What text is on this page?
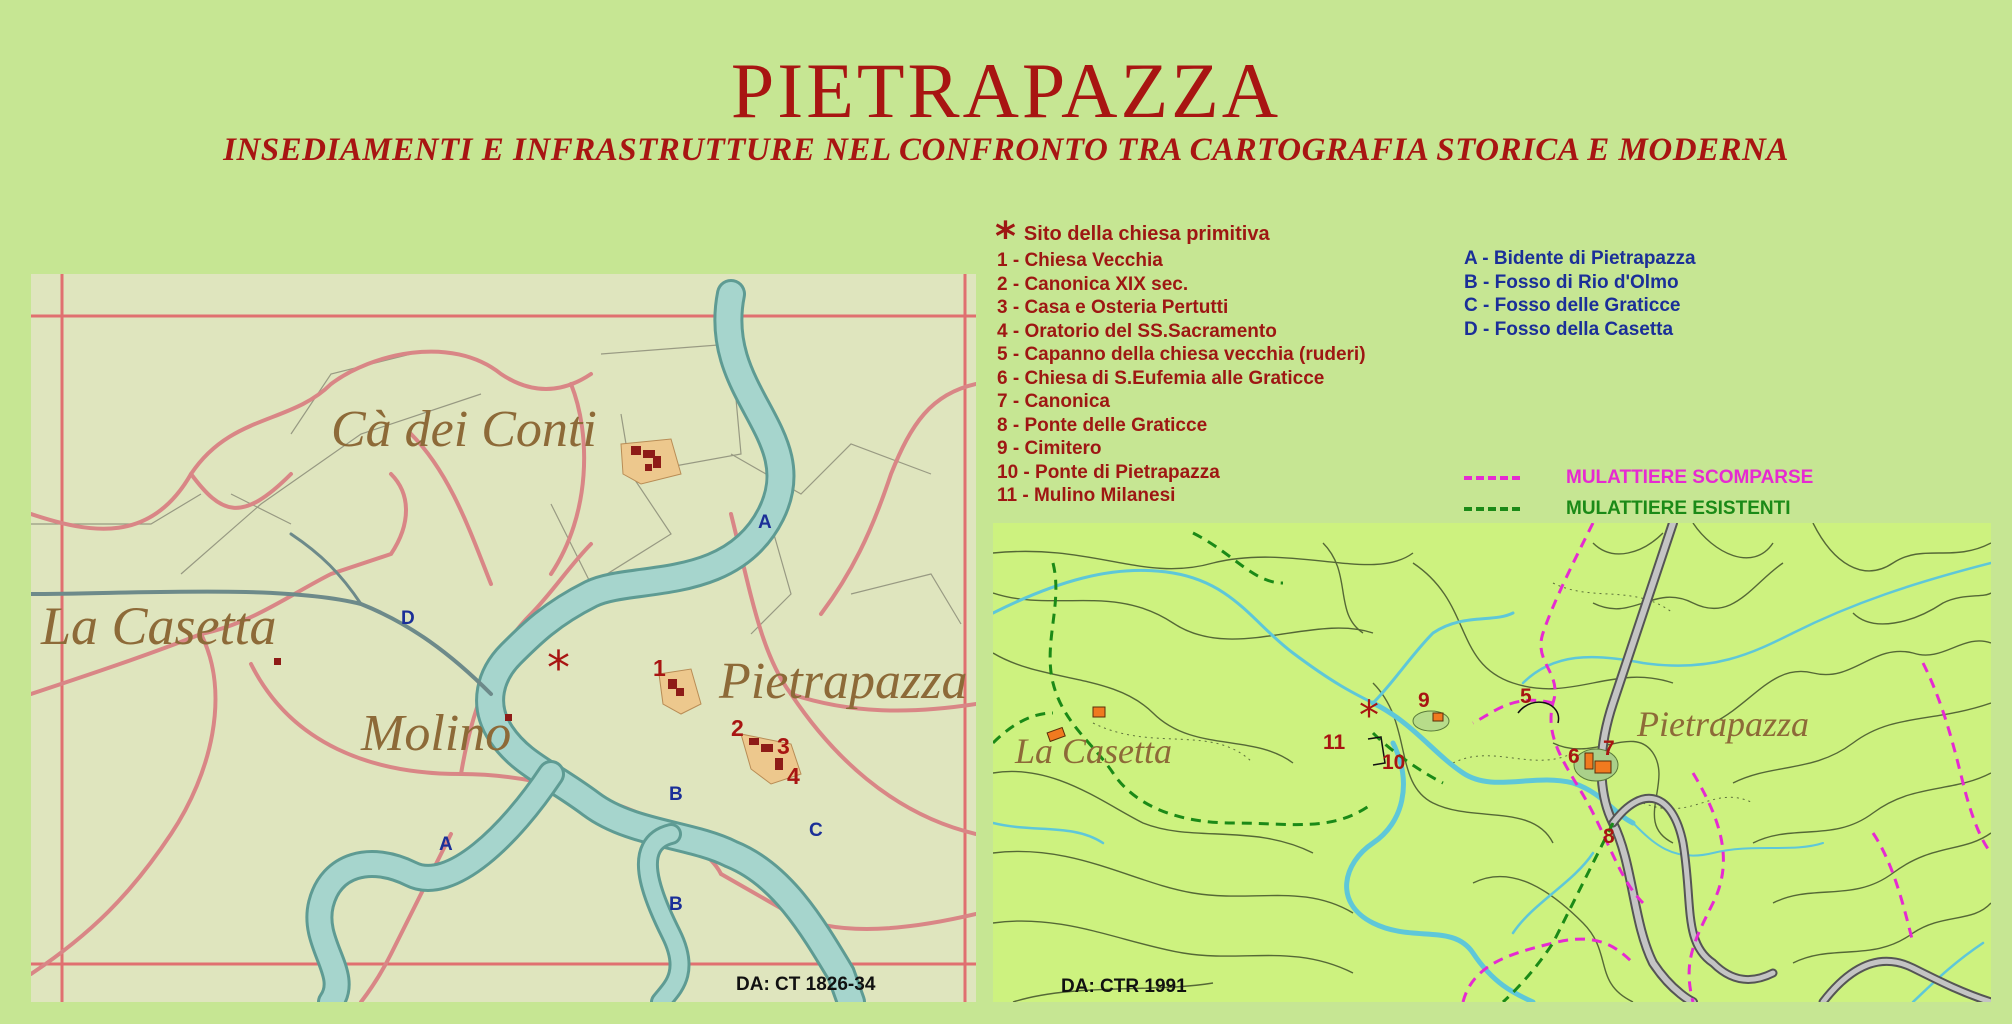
PIETRAPAZZA
INSEDIAMENTI E INFRASTRUTTURE NEL CONFRONTO TRA CARTOGRAFIA STORICA E MODERNA
Cà dei Conti
La Casetta
Molino
Pietrapazza
A
A
B
B
C
D
*	1
2
3
4
DA: CT 1826-34
* Sito della chiesa primitiva
1 - Chiesa Vecchia
2 - Canonica XIX sec.
3 - Casa e Osteria Pertutti
4 - Oratorio del SS.Sacramento
5 - Capanno della chiesa vecchia (ruderi)
6 - Chiesa di S.Eufemia alle Graticce
7 - Canonica
8 - Ponte delle Graticce
9 - Cimitero
10 - Ponte di Pietrapazza
11 - Mulino Milanesi
A - Bidente di Pietrapazza
B - Fosso di Rio d'Olmo
C - Fosso delle Graticce
D - Fosso della Casetta
MULATTIERE SCOMPARSE
MULATTIERE ESISTENTI
La Casetta
Pietrapazza
*	5
6 7
8
9
10
11
DA: CTR 1991
